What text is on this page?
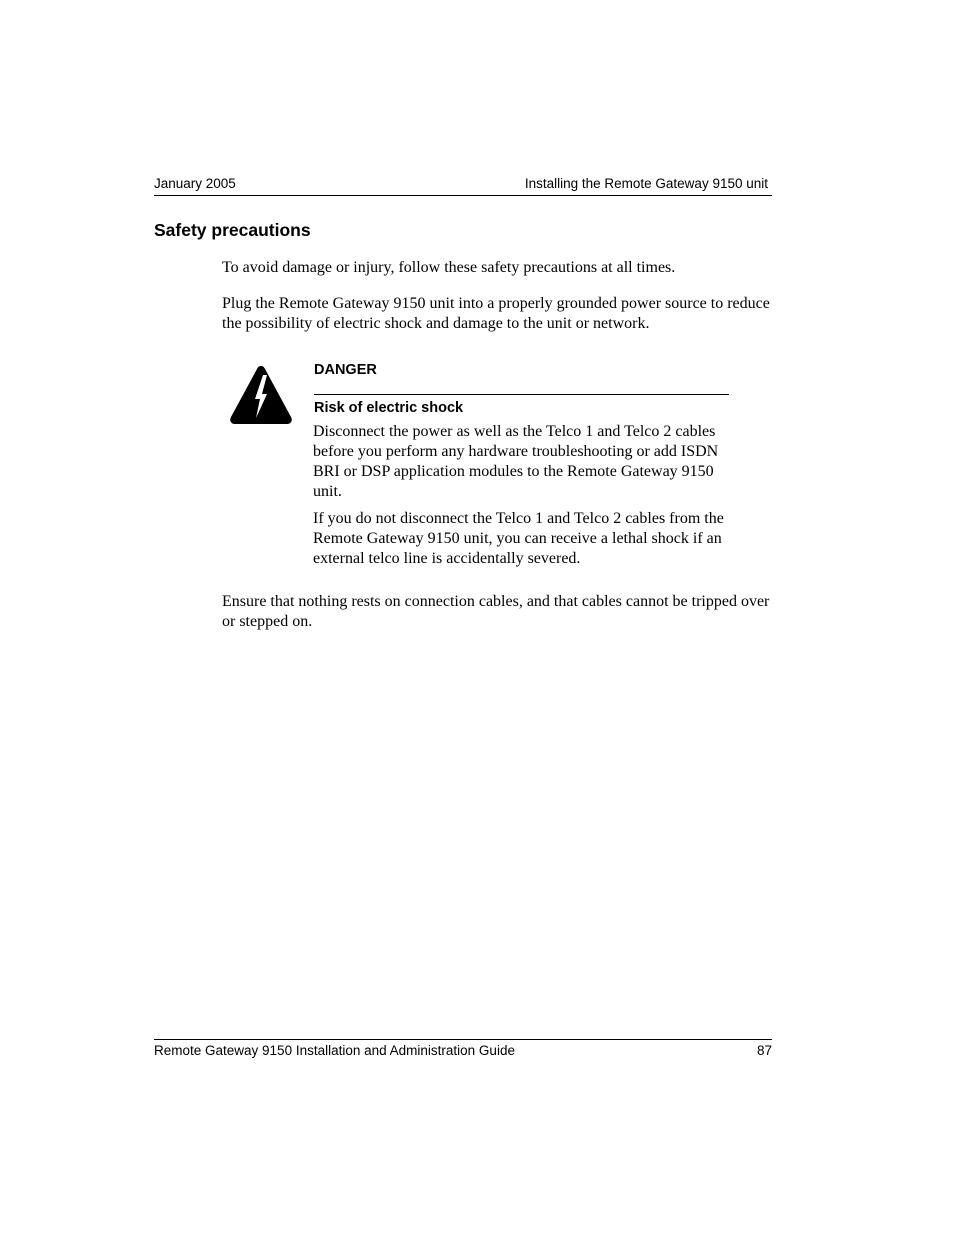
January 2005	Installing the Remote Gateway 9150 unit
Safety precautions
To avoid damage or injury, follow these safety precautions at all times.
Plug the Remote Gateway 9150 unit into a properly grounded power source to reduce the possibility of electric shock and damage to the unit or network.
DANGER
Risk of electric shock
Disconnect the power as well as the Telco 1 and Telco 2 cables before you perform any hardware troubleshooting or add ISDN BRI or DSP application modules to the Remote Gateway 9150 unit.
If you do not disconnect the Telco 1 and Telco 2 cables from the Remote Gateway 9150 unit, you can receive a lethal shock if an external telco line is accidentally severed.
Ensure that nothing rests on connection cables, and that cables cannot be tripped over or stepped on.
Remote Gateway 9150 Installation and Administration Guide	87
